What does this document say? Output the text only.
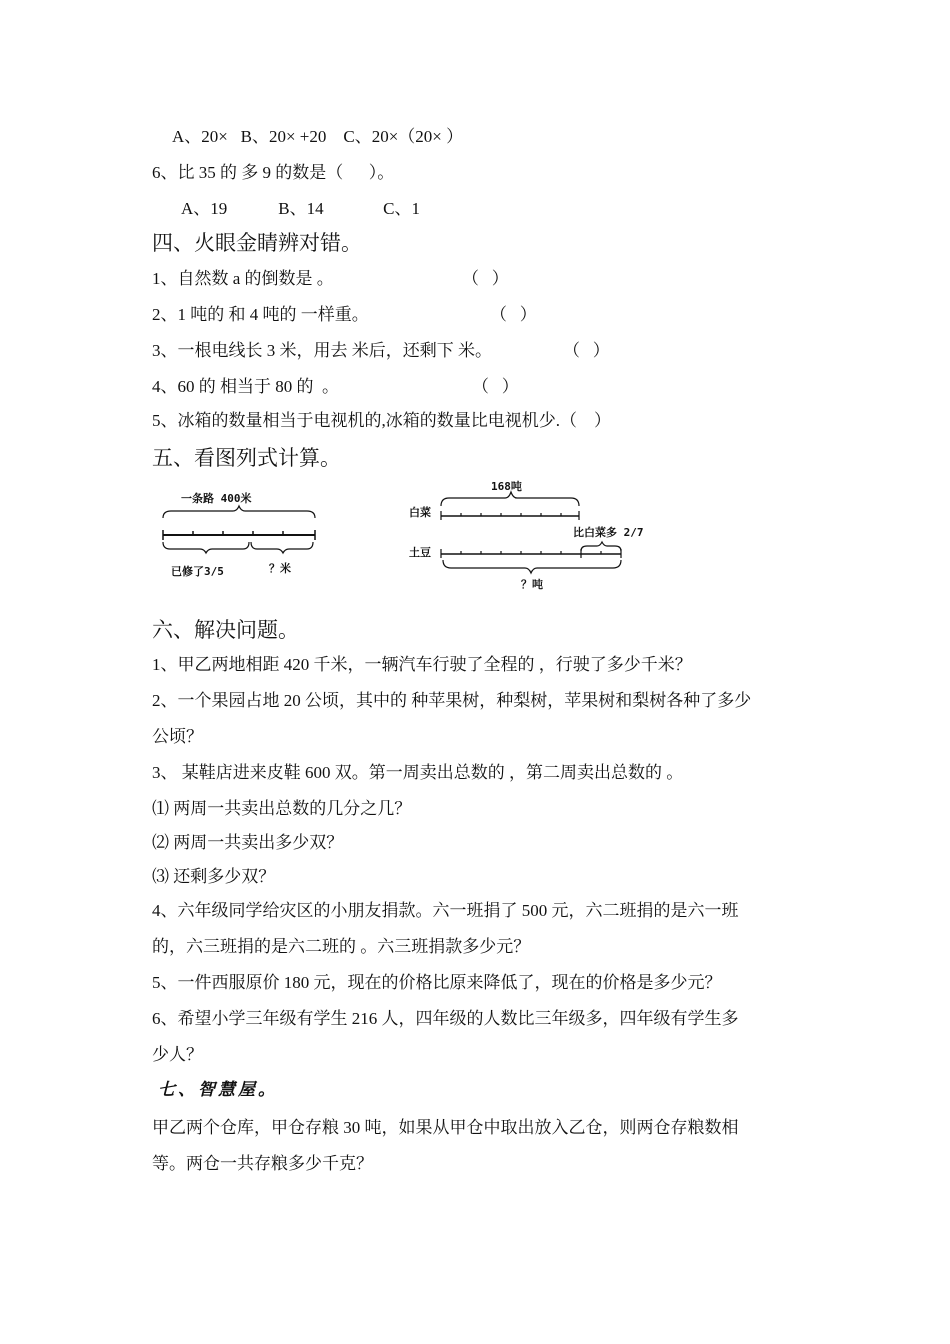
A、20×   B、20× +20    C、20×（20× ）
6、比 35 的 多 9 的数是（      ）。
A、19            B、14              C、1
四、火眼金睛辨对错。
1、自然数 a 的倒数是 。	（   ）
2、1 吨的 和 4 吨的 一样重。	（   ）
3、一根电线长 3 米，用去 米后，还剩下 米。	（   ）
4、60 的 相当于 80 的  。	（   ）
5、冰箱的数量相当于电视机的,冰箱的数量比电视机少.（    ）
五、看图列式计算。
一条路 400米
已修了3/5	？米
168吨
白菜
比白菜多 2/7
土豆
？吨
六、解决问题。
1、甲乙两地相距 420 千米，一辆汽车行驶了全程的 ，行驶了多少千米？
2、一个果园占地 20 公顷，其中的 种苹果树，种梨树，苹果树和梨树各种了多少
公顷？
3、 某鞋店进来皮鞋 600 双。第一周卖出总数的 ，第二周卖出总数的 。
⑴ 两周一共卖出总数的几分之几？
⑵ 两周一共卖出多少双？
⑶ 还剩多少双？
4、六年级同学给灾区的小朋友捐款。六一班捐了 500 元，六二班捐的是六一班
的，六三班捐的是六二班的 。六三班捐款多少元？
5、一件西服原价 180 元，现在的价格比原来降低了，现在的价格是多少元？
6、希望小学三年级有学生 216 人，四年级的人数比三年级多，四年级有学生多
少人？
七、智慧屋。
甲乙两个仓库，甲仓存粮 30 吨，如果从甲仓中取出放入乙仓，则两仓存粮数相
等。两仓一共存粮多少千克？
